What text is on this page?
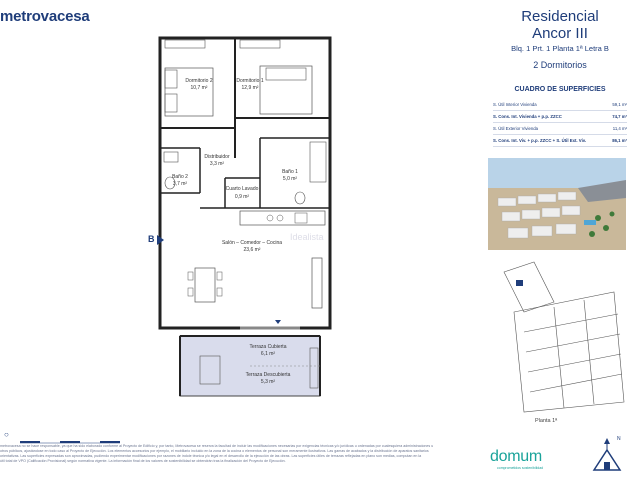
metrovacesa
Dormitorio 2
10,7 m²
Dormitorio 1
12,9 m²
Distribuidor
3,3 m²
Baño 2
3,7 m²
Cuarto Lavado
0,9 m²
Baño 1
5,0 m²
Salón – Comedor – Cocina
23,6 m²
Terraza Cubierta
6,1 m²
Terraza Descubierta
5,3 m²
B	Idealista
Residencial
Ancor III
Blq. 1 Prt. 1 Planta 1ª Letra B
2 Dormitorios
CUADRO DE SUPERFICIES
S. Útil Interior Vivienda	59,1 m²
S. Cons. Int. Vivienda + p.p. ZZCC	74,7 m²
S. Útil Exterior Vivienda	11,4 m²
S. Cons. Int. Viv. + p.p. ZZCC + S. Útil Ext. Viv.	86,1 m²
Planta 1ª
○
metrovacesa no se hace responsable, ya que ha sido elaborado conforme al Proyecto de Edificio y, por tanto, Metrovacesa se reserva la facultad de incluir las modificaciones necesarias por exigencias técnicas y/o jurídicas u ordenadas por cualesquiera administraciones u
otros públicos, ajustándose en todo caso al Proyecto de Ejecución. Los elementos accesorios por ejemplo, el mobiliario incluido en la zona de la cocina o elementos de personal son meramente ilustrativos. Las gamas de acabados y la distribución de aparatos sanitarios
orientativas. Las superficies expresadas son aproximadas, pudiendo experimentar modificaciones por razones de índole técnica y/o legal en el desarrollo de la ejecución de las obras. Las superficies útiles de terrazas reflejadas en plano son medias, computan en la
útil total de VPO (Calificación Provisional) según normativa vigente. La información final de los valores de sostenibilidad se obtendrán tras la finalización del Proyecto de Ejecución.	domum
comprometidos sostenibilidad
N
